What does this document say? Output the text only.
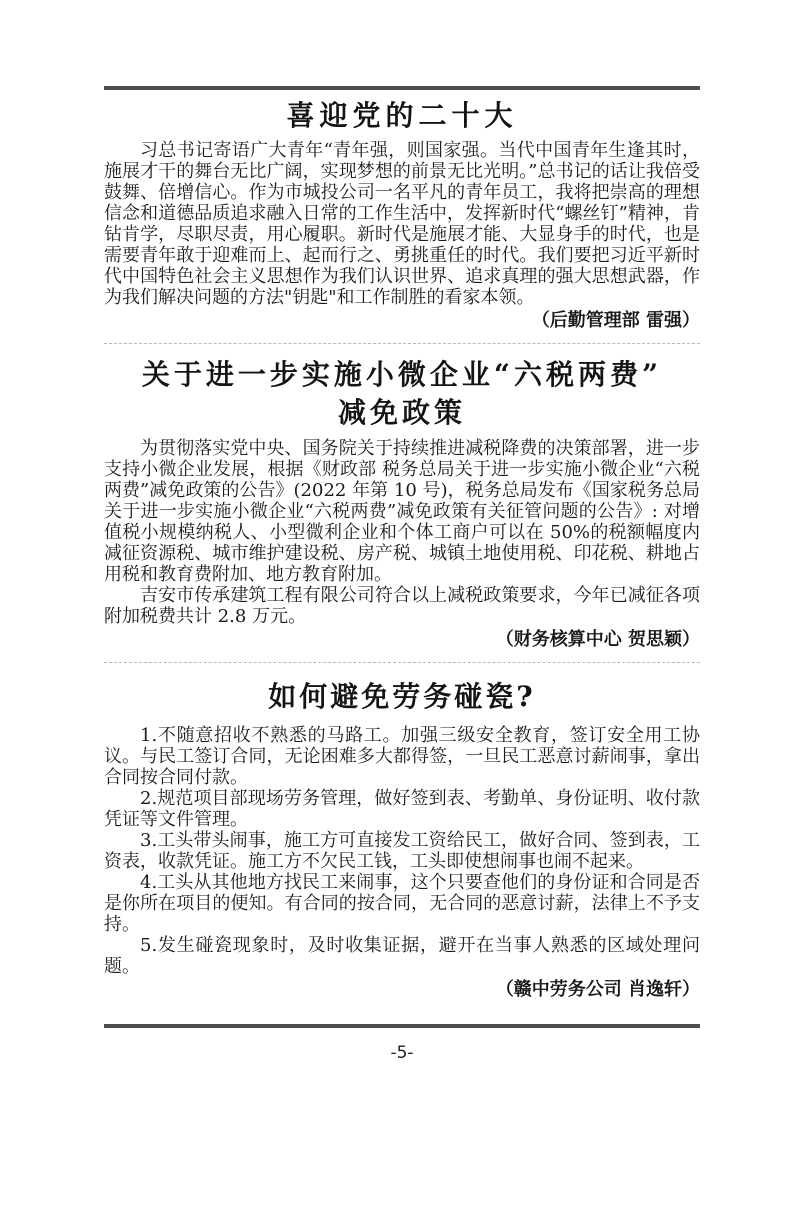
喜迎党的二十大

习总书记寄语广大青年“青年强，则国家强。当代中国青年生逢其时，施展才干的舞台无比广阔，实现梦想的前景无比光明。”总书记的话让我倍受鼓舞、倍增信心。作为市城投公司一名平凡的青年员工，我将把崇高的理想信念和道德品质追求融入日常的工作生活中，发挥新时代“螺丝钉”精神，肯钻肯学，尽职尽责，用心履职。新时代是施展才能、大显身手的时代，也是需要青年敢于迎难而上、起而行之、勇挑重任的时代。我们要把习近平新时代中国特色社会主义思想作为我们认识世界、追求真理的强大思想武器，作为我们解决问题的方法"钥匙"和工作制胜的看家本领。

（后勤管理部 雷强）

关于进一步实施小微企业“六税两费”
减免政策

为贯彻落实党中央、国务院关于持续推进减税降费的决策部署，进一步支持小微企业发展，根据《财政部 税务总局关于进一步实施小微企业“六税两费”减免政策的公告》(2022 年第 10 号)，税务总局发布《国家税务总局关于进一步实施小微企业“六税两费”减免政策有关征管问题的公告》: 对增值税小规模纳税人、小型微利企业和个体工商户可以在 50%的税额幅度内减征资源税、城市维护建设税、房产税、城镇土地使用税、印花税、耕地占用税和教育费附加、地方教育附加。

吉安市传承建筑工程有限公司符合以上减税政策要求，今年已减征各项附加税费共计 2.8 万元。

（财务核算中心 贺思颖）

如何避免劳务碰瓷?

1.不随意招收不熟悉的马路工。加强三级安全教育，签订安全用工协议。与民工签订合同，无论困难多大都得签，一旦民工恶意讨薪闹事，拿出合同按合同付款。

2.规范项目部现场劳务管理，做好签到表、考勤单、身份证明、收付款凭证等文件管理。

3.工头带头闹事，施工方可直接发工资给民工，做好合同、签到表，工资表，收款凭证。施工方不欠民工钱，工头即使想闹事也闹不起来。

4.工头从其他地方找民工来闹事，这个只要查他们的身份证和合同是否是你所在项目的便知。有合同的按合同，无合同的恶意讨薪，法律上不予支持。

5.发生碰瓷现象时，及时收集证据，避开在当事人熟悉的区域处理问题。

（赣中劳务公司 肖逸轩）

-5-
